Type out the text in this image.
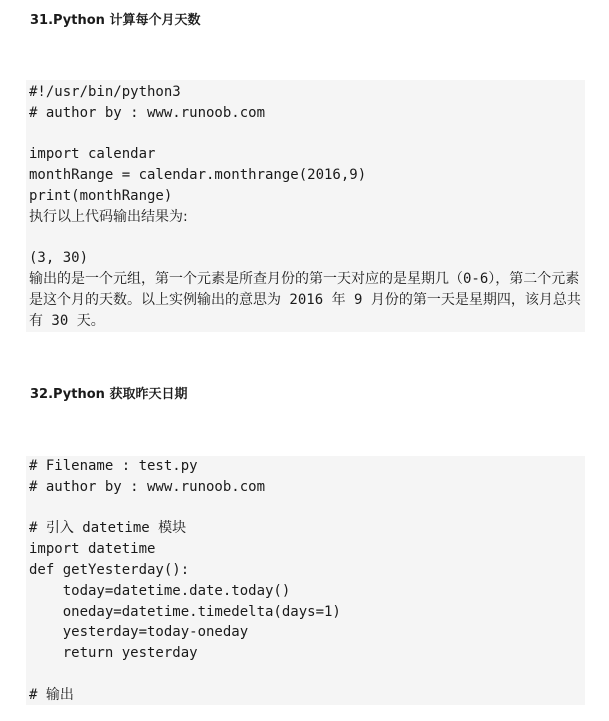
31.Python 计算每个月天数
#!/usr/bin/python3
# author by : www.runoob.com
import calendar
monthRange = calendar.monthrange(2016,9)
print(monthRange)
执行以上代码输出结果为:
(3, 30)
输出的是一个元组，第一个元素是所查月份的第一天对应的是星期几（0-6），第二个元素是这个月的天数。以上实例输出的意思为 2016 年 9 月份的第一天是星期四，该月总共有 30 天。
32.Python 获取昨天日期
# Filename : test.py
# author by : www.runoob.com
# 引入 datetime 模块
import datetime
def getYesterday():
today=datetime.date.today()
oneday=datetime.timedelta(days=1)
yesterday=today-oneday
return yesterday
# 输出
